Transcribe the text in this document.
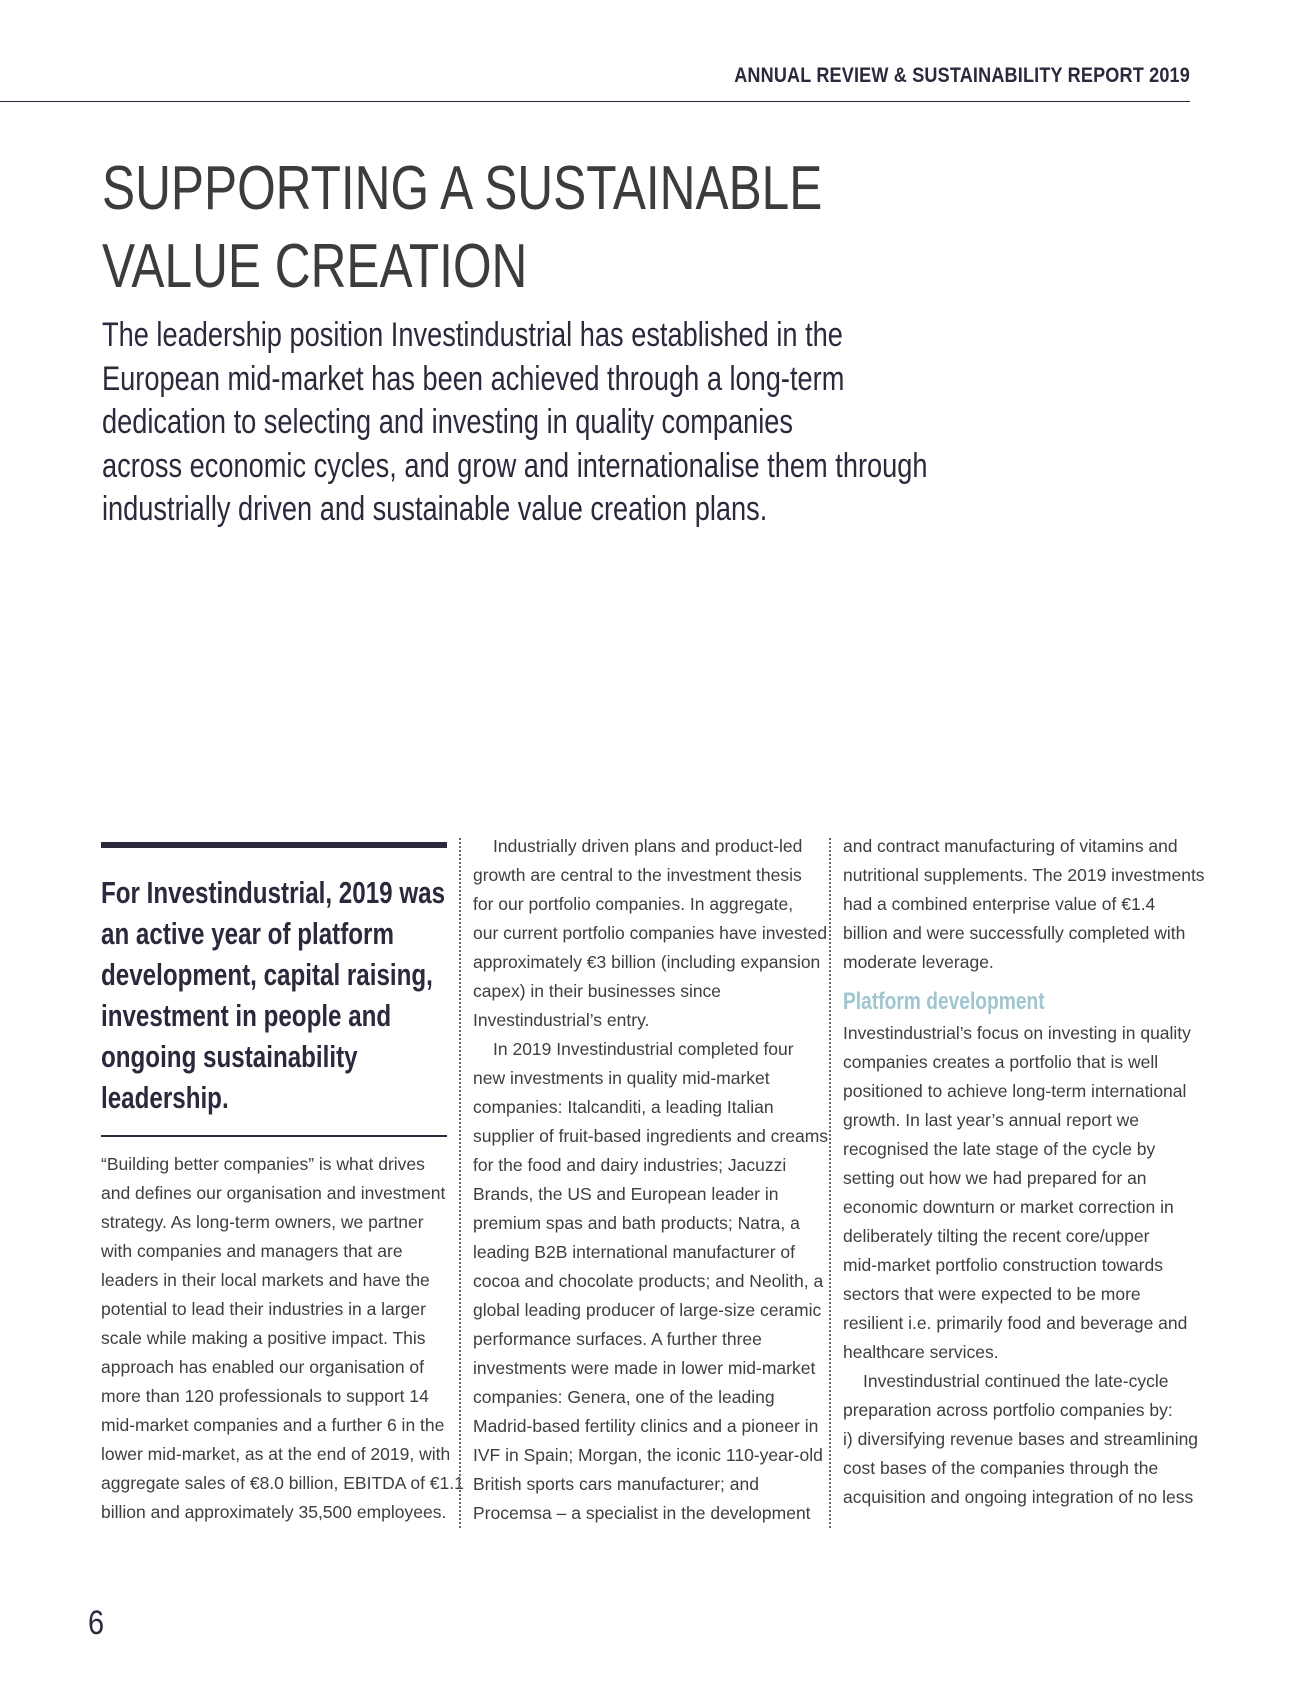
ANNUAL REVIEW & SUSTAINABILITY REPORT 2019
SUPPORTING A SUSTAINABLE
VALUE CREATION

The leadership position Investindustrial has established in the
European mid-market has been achieved through a long-term
dedication to selecting and investing in quality companies
across economic cycles, and grow and internationalise them through
industrially driven and sustainable value creation plans.

For Investindustrial, 2019 was
an active year of platform
development, capital raising,
investment in people and
ongoing sustainability
leadership.

“Building better companies” is what drives
and defines our organisation and investment
strategy. As long-term owners, we partner
with companies and managers that are
leaders in their local markets and have the
potential to lead their industries in a larger
scale while making a positive impact. This
approach has enabled our organisation of
more than 120 professionals to support 14
mid-market companies and a further 6 in the
lower mid-market, as at the end of 2019, with
aggregate sales of €8.0 billion, EBITDA of €1.1
billion and approximately 35,500 employees.
Industrially driven plans and product-led
growth are central to the investment thesis
for our portfolio companies. In aggregate,
our current portfolio companies have invested
approximately €3 billion (including expansion
capex) in their businesses since
Investindustrial’s entry.
In 2019 Investindustrial completed four
new investments in quality mid-market
companies: Italcanditi, a leading Italian
supplier of fruit-based ingredients and creams
for the food and dairy industries; Jacuzzi
Brands, the US and European leader in
premium spas and bath products; Natra, a
leading B2B international manufacturer of
cocoa and chocolate products; and Neolith, a
global leading producer of large-size ceramic
performance surfaces. A further three
investments were made in lower mid-market
companies: Genera, one of the leading
Madrid-based fertility clinics and a pioneer in
IVF in Spain; Morgan, the iconic 110-year-old
British sports cars manufacturer; and
Procemsa – a specialist in the development
and contract manufacturing of vitamins and
nutritional supplements. The 2019 investments
had a combined enterprise value of €1.4
billion and were successfully completed with
moderate leverage.
Platform development
Investindustrial’s focus on investing in quality
companies creates a portfolio that is well
positioned to achieve long-term international
growth. In last year’s annual report we
recognised the late stage of the cycle by
setting out how we had prepared for an
economic downturn or market correction in
deliberately tilting the recent core/upper
mid-market portfolio construction towards
sectors that were expected to be more
resilient i.e. primarily food and beverage and
healthcare services.
Investindustrial continued the late-cycle
preparation across portfolio companies by:
i) diversifying revenue bases and streamlining
cost bases of the companies through the
acquisition and ongoing integration of no less
6
